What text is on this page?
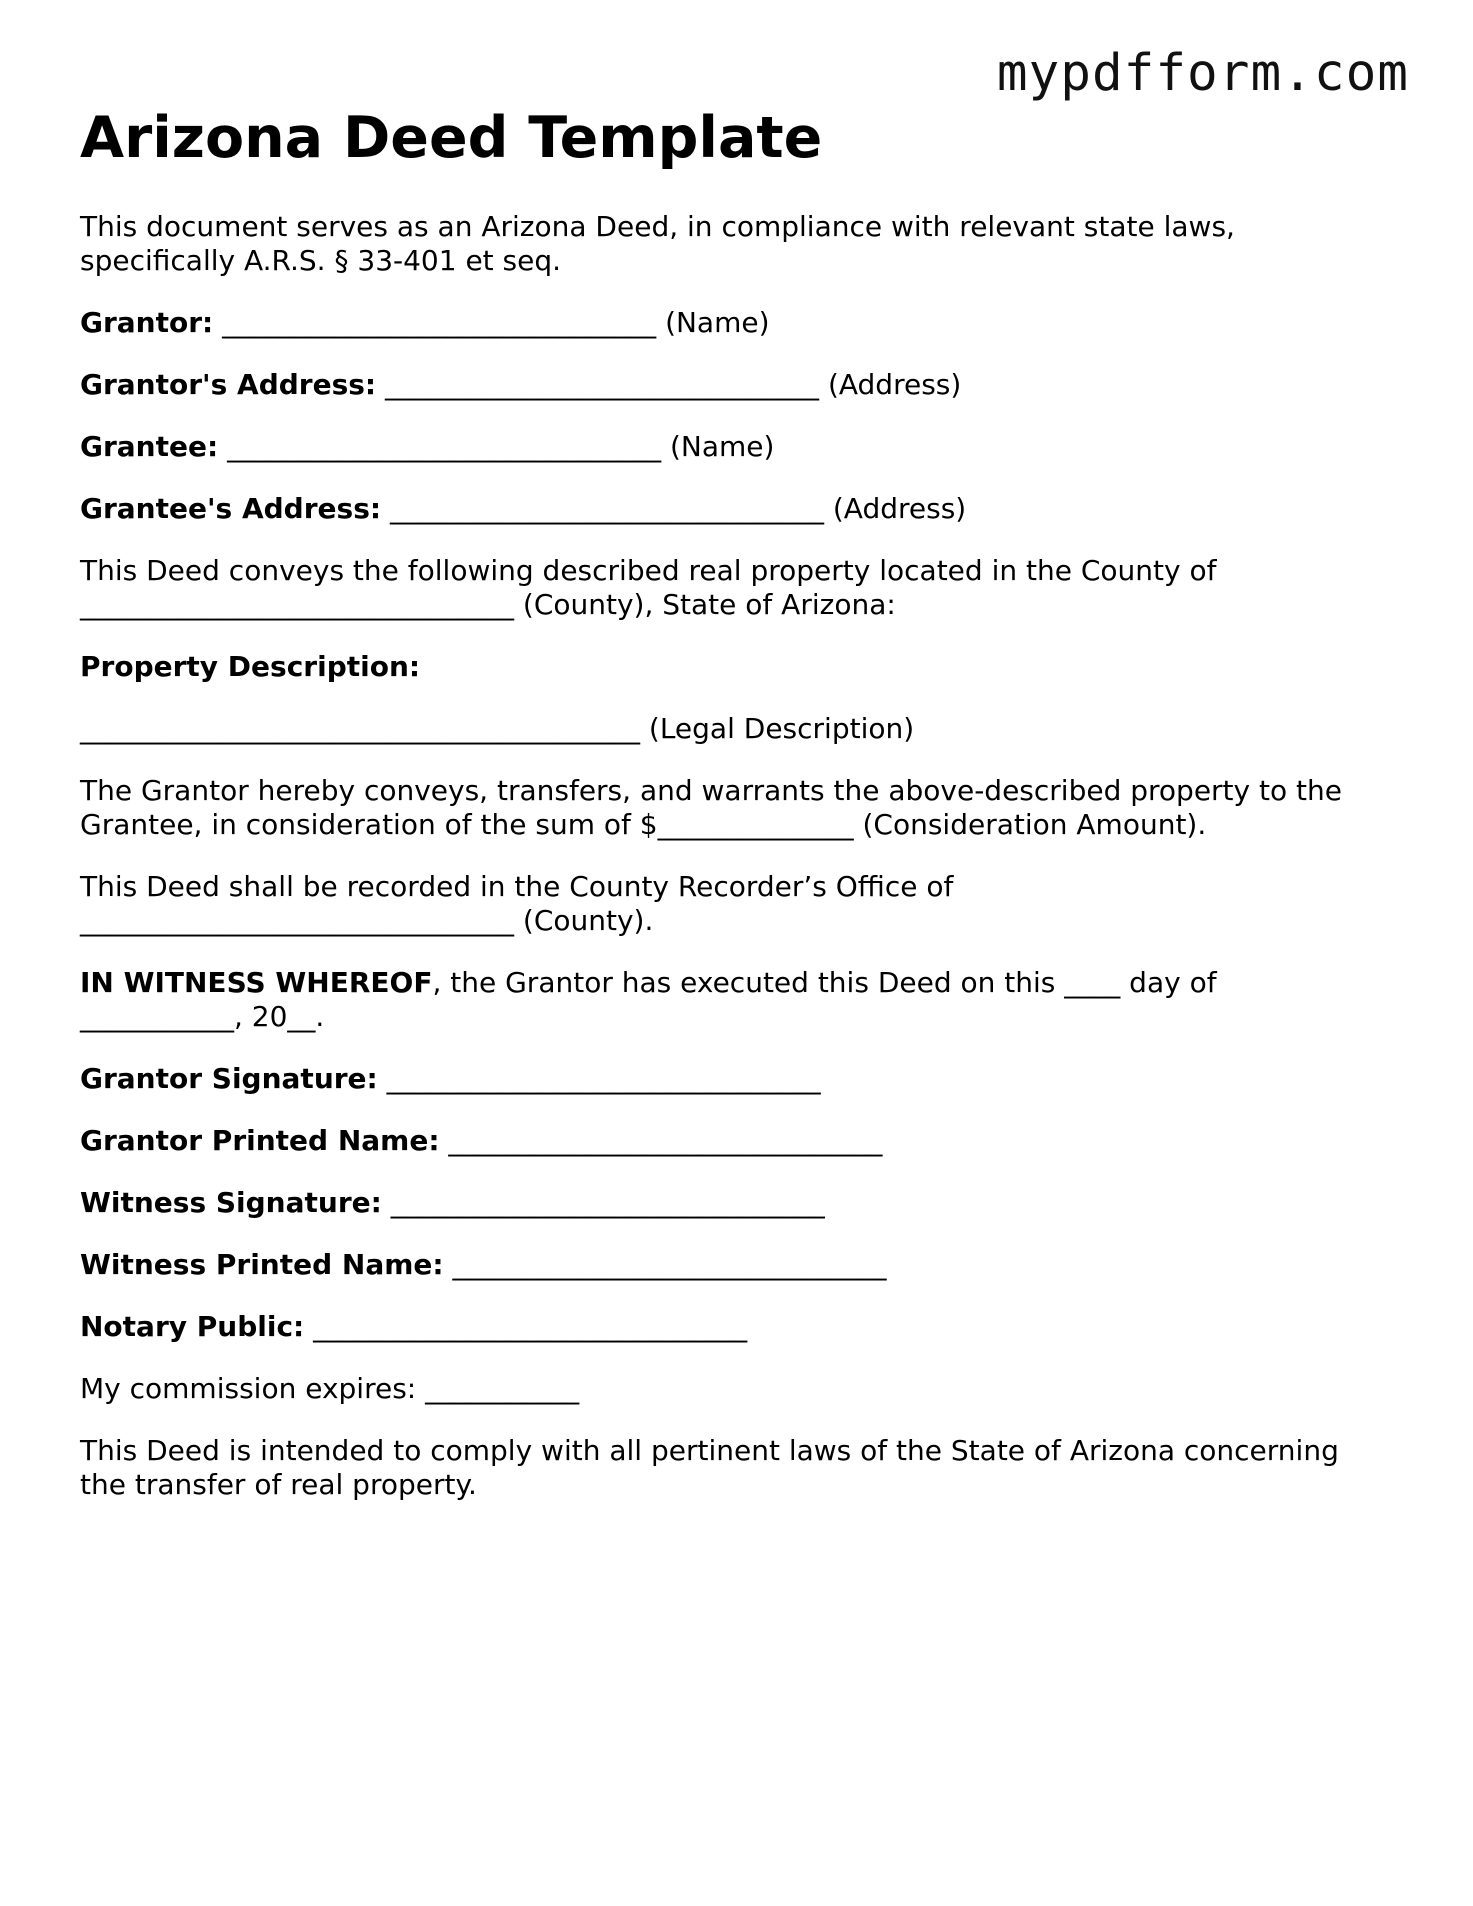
mypdfform.com
Arizona Deed Template

This document serves as an Arizona Deed, in compliance with relevant state laws, specifically A.R.S. § 33-401 et seq.

Grantor: _______________________________ (Name)

Grantor's Address: _______________________________ (Address)

Grantee: _______________________________ (Name)

Grantee's Address: _______________________________ (Address)

This Deed conveys the following described real property located in the County of
_______________________________ (County), State of Arizona:

Property Description:

________________________________________ (Legal Description)

The Grantor hereby conveys, transfers, and warrants the above-described property to the
Grantee, in consideration of the sum of $______________ (Consideration Amount).

This Deed shall be recorded in the County Recorder’s Office of
_______________________________ (County).

IN WITNESS WHEREOF, the Grantor has executed this Deed on this ____ day of
___________, 20__.

Grantor Signature: _______________________________

Grantor Printed Name: _______________________________

Witness Signature: _______________________________

Witness Printed Name: _______________________________

Notary Public: _______________________________

My commission expires: ___________

This Deed is intended to comply with all pertinent laws of the State of Arizona concerning
the transfer of real property.
